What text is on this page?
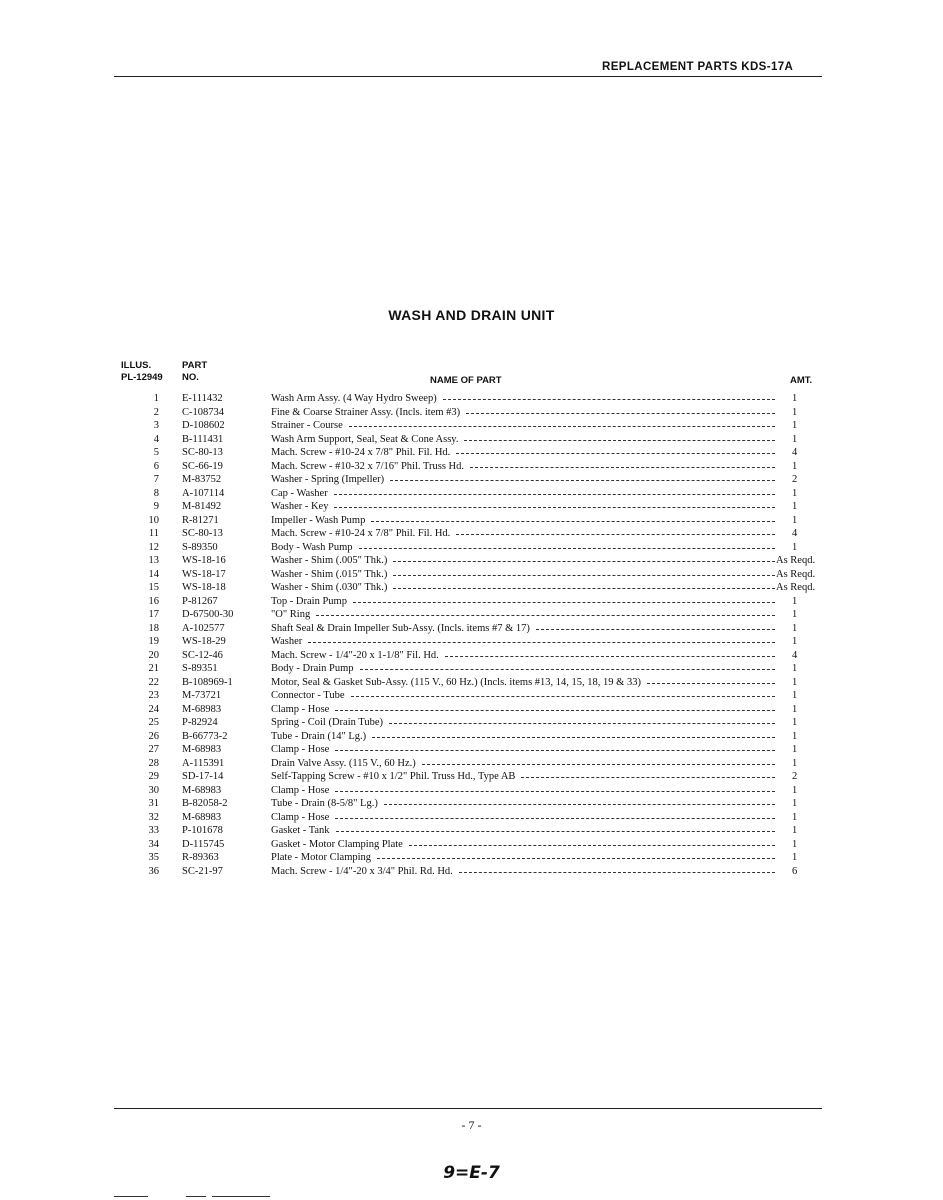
REPLACEMENT PARTS KDS-17A
WASH AND DRAIN UNIT
ILLUS.
PL-12949
PART
NO.	NAME OF PART	AMT.
1 E-111432	Wash Arm Assy. (4 Way Hydro Sweep)	1
2 C-108734	Fine & Coarse Strainer Assy. (Incls. item #3)	1
3 D-108602	Strainer - Course	1
4 B-111431	Wash Arm Support, Seal, Seat & Cone Assy.	1
5 SC-80-13	Mach. Screw - #10-24 x 7/8" Phil. Fil. Hd.	4
6 SC-66-19	Mach. Screw - #10-32 x 7/16" Phil. Truss Hd.	1
7 M-83752	Washer - Spring (Impeller)	2
8 A-107114	Cap - Washer	1
9 M-81492	Washer - Key	1
10 R-81271	Impeller - Wash Pump	1
11 SC-80-13	Mach. Screw - #10-24 x 7/8" Phil. Fil. Hd.	4
12 S-89350	Body - Wash Pump	1
13 WS-18-16	Washer - Shim (.005" Thk.)	As Reqd.
14 WS-18-17	Washer - Shim (.015" Thk.)	As Reqd.
15 WS-18-18	Washer - Shim (.030" Thk.)	As Reqd.
16 P-81267	Top - Drain Pump	1
17 D-67500-30	"O" Ring	1
18 A-102577	Shaft Seal & Drain Impeller Sub-Assy. (Incls. items #7 & 17)	1
19 WS-18-29	Washer	1
20 SC-12-46	Mach. Screw - 1/4"-20 x 1-1/8" Fil. Hd.	4
21 S-89351	Body - Drain Pump	1
22 B-108969-1	Motor, Seal & Gasket Sub-Assy. (115 V., 60 Hz.) (Incls. items #13, 14, 15, 18, 19 & 33)	1
23 M-73721	Connector - Tube	1
24 M-68983	Clamp - Hose	1
25 P-82924	Spring - Coil (Drain Tube)	1
26 B-66773-2	Tube - Drain (14" Lg.)	1
27 M-68983	Clamp - Hose	1
28 A-115391	Drain Valve Assy. (115 V., 60 Hz.)	1
29 SD-17-14	Self-Tapping Screw - #10 x 1/2" Phil. Truss Hd., Type AB	2
30 M-68983	Clamp - Hose	1
31 B-82058-2	Tube - Drain (8-5/8" Lg.)	1
32 M-68983	Clamp - Hose	1
33 P-101678	Gasket - Tank	1
34 D-115745	Gasket - Motor Clamping Plate	1
35 R-89363	Plate - Motor Clamping	1
36 SC-21-97	Mach. Screw - 1/4"-20 x 3/4" Phil. Rd. Hd.	6
- 7 -
9=E-7
